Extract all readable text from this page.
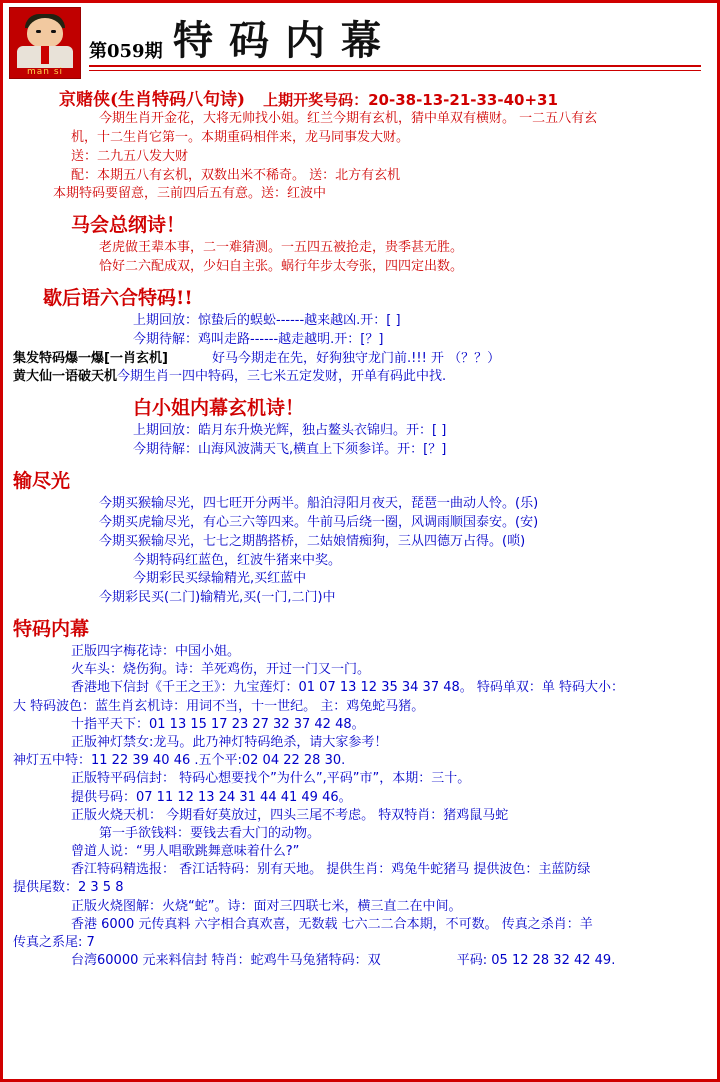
man si
特码内幕
第059期
京赌侠(生肖特码八句诗) 上期开奖号码：20-38-13-21-33-40+31

今期生肖开金花，大将无帅找小姐。红兰今期有玄机，猜中单双有横财。 一二五八有玄

机，十二生肖它第一。本期重码相伴来，龙马同事发大财。

送：二九五八发大财

配：本期五八有玄机，双数出米不稀奇。 送：北方有玄机

本期特码要留意，三前四后五有意。送：红波中

马会总纲诗！

老虎做王辈本事，二一难猜测。一五四五被抢走，贵季甚无胜。

恰好二六配成双，少妇自主张。蜗行年步太夸张，四四定出数。

歇后语六合特码!!

上期回放：惊蛰后的蜈蚣------越来越凶.开：[ ]

今期待解：鸡叫走路------越走越明.开：[？]

集发特码爆一爆[一肖玄机]	好马今期走在先，好狗独守龙门前.!!! 开 （？？）

黄大仙一语破天机今期生肖一四中特码，三七米五定发财，开单有码此中找.

白小姐内幕玄机诗！

上期回放：皓月东升焕光辉，独占鳌头衣锦归。开：[ ]

今期待解：山海风波满天飞,横直上下须参详。开：[？]

输尽光

今期买猴输尽光，四七旺开分两半。船泊浔阳月夜天，琵琶一曲动人怜。(乐)

今期买虎输尽光，有心三六等四来。牛前马后绕一圈，风调雨顺国泰安。(安)

今期买猴输尽光，七七之期鹊搭桥，二姑娘情痴狗，三从四德万占得。(唢)

今期特码红蓝色，红波牛猪来中奖。

今期彩民买绿输精光,买红蓝中

今期彩民买(二门)输精光,买(一门,二门)中

特码内幕

正版四字梅花诗：中国小姐。

火车头：烧伤狗。诗：羊死鸡伤，开过一门又一门。

香港地下信封《千王之王》：九宝莲灯：01 07 13 12 35 34 37 48。 特码单双：单 特码大小：

大 特码波色：蓝生肖玄机诗：用词不当，十一世纪。 主：鸡兔蛇马猪。

十指平天下：01 13 15 17 23 27 32 37 42 48。

正版神灯禁女:龙马。此乃神灯特码绝杀，请大家参考！

神灯五中特：11 22 39 40 46 .五个平:02 04 22 28 30.

正版特平码信封： 特码心想要找个”为什么”,平码”市”，本期：三十。

提供号码：07 11 12 13 24 31 44 41 49 46。

正版火烧天机： 今期看好莫放过，四头三尾不考虑。 特双特肖：猪鸡鼠马蛇

第一手欲钱料：要钱去看大门的动物。

曾道人说：“男人唱歌跳舞意味着什么?”

香江特码精选报： 香江话特码：别有天地。 提供生肖：鸡兔牛蛇猪马 提供波色：主蓝防绿

提供尾数：2 3 5 8

正版火烧图解：火烧“蛇”。诗：面对三四联七米，横三直二在中间。

香港 6000 元传真料 六字相合真欢喜，无数载 七六二二合本期，不可数。 传真之杀肖：羊

传真之系尾: 7

台湾60000 元来料信封 特肖：蛇鸡牛马兔猪特码：双	平码: 05 12 28 32 42 49.
